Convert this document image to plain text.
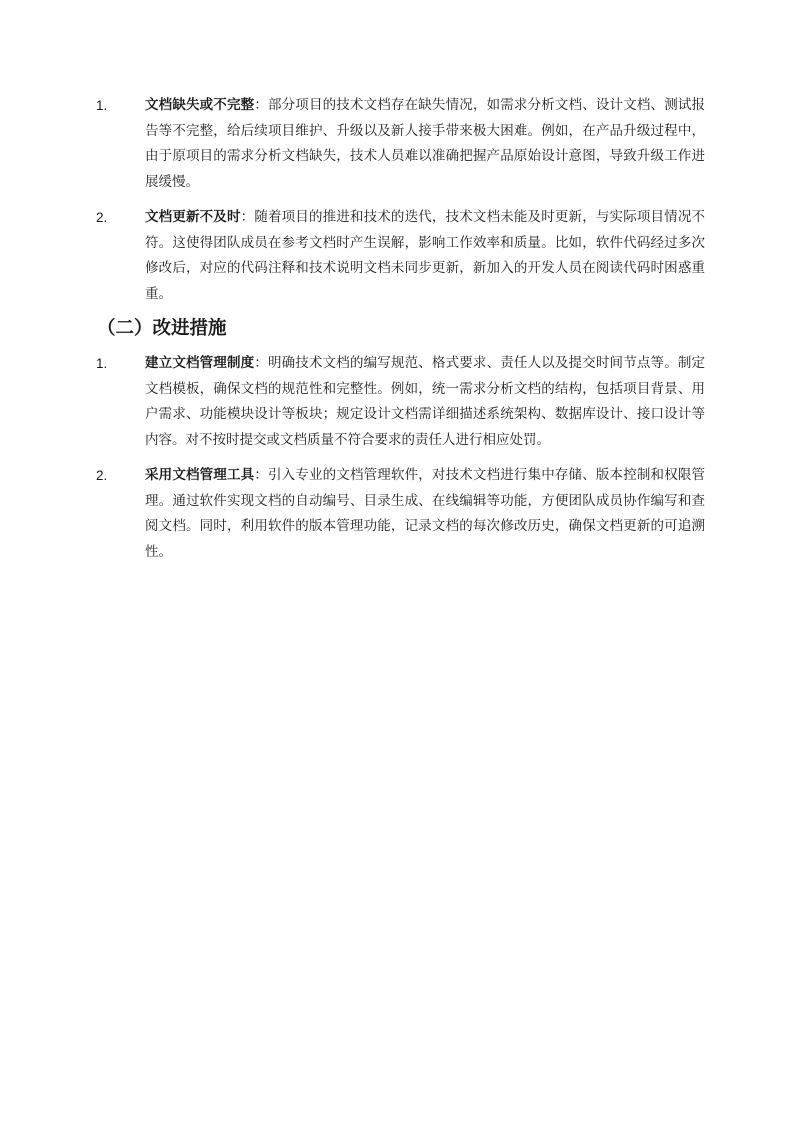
1.	文档缺失或不完整：部分项目的技术文档存在缺失情况，如需求分析文档、设计文档、测试报告等不完整，给后续项目维护、升级以及新人接手带来极大困难。例如，在产品升级过程中，由于原项目的需求分析文档缺失，技术人员难以准确把握产品原始设计意图，导致升级工作进展缓慢。
2.	文档更新不及时：随着项目的推进和技术的迭代，技术文档未能及时更新，与实际项目情况不符。这使得团队成员在参考文档时产生误解，影响工作效率和质量。比如，软件代码经过多次修改后，对应的代码注释和技术说明文档未同步更新，新加入的开发人员在阅读代码时困惑重重。
（二）改进措施
1.	建立文档管理制度：明确技术文档的编写规范、格式要求、责任人以及提交时间节点等。制定文档模板，确保文档的规范性和完整性。例如，统一需求分析文档的结构，包括项目背景、用户需求、功能模块设计等板块；规定设计文档需详细描述系统架构、数据库设计、接口设计等内容。对不按时提交或文档质量不符合要求的责任人进行相应处罚。
2.	采用文档管理工具：引入专业的文档管理软件，对技术文档进行集中存储、版本控制和权限管理。通过软件实现文档的自动编号、目录生成、在线编辑等功能，方便团队成员协作编写和查阅文档。同时，利用软件的版本管理功能，记录文档的每次修改历史，确保文档更新的可追溯性。
